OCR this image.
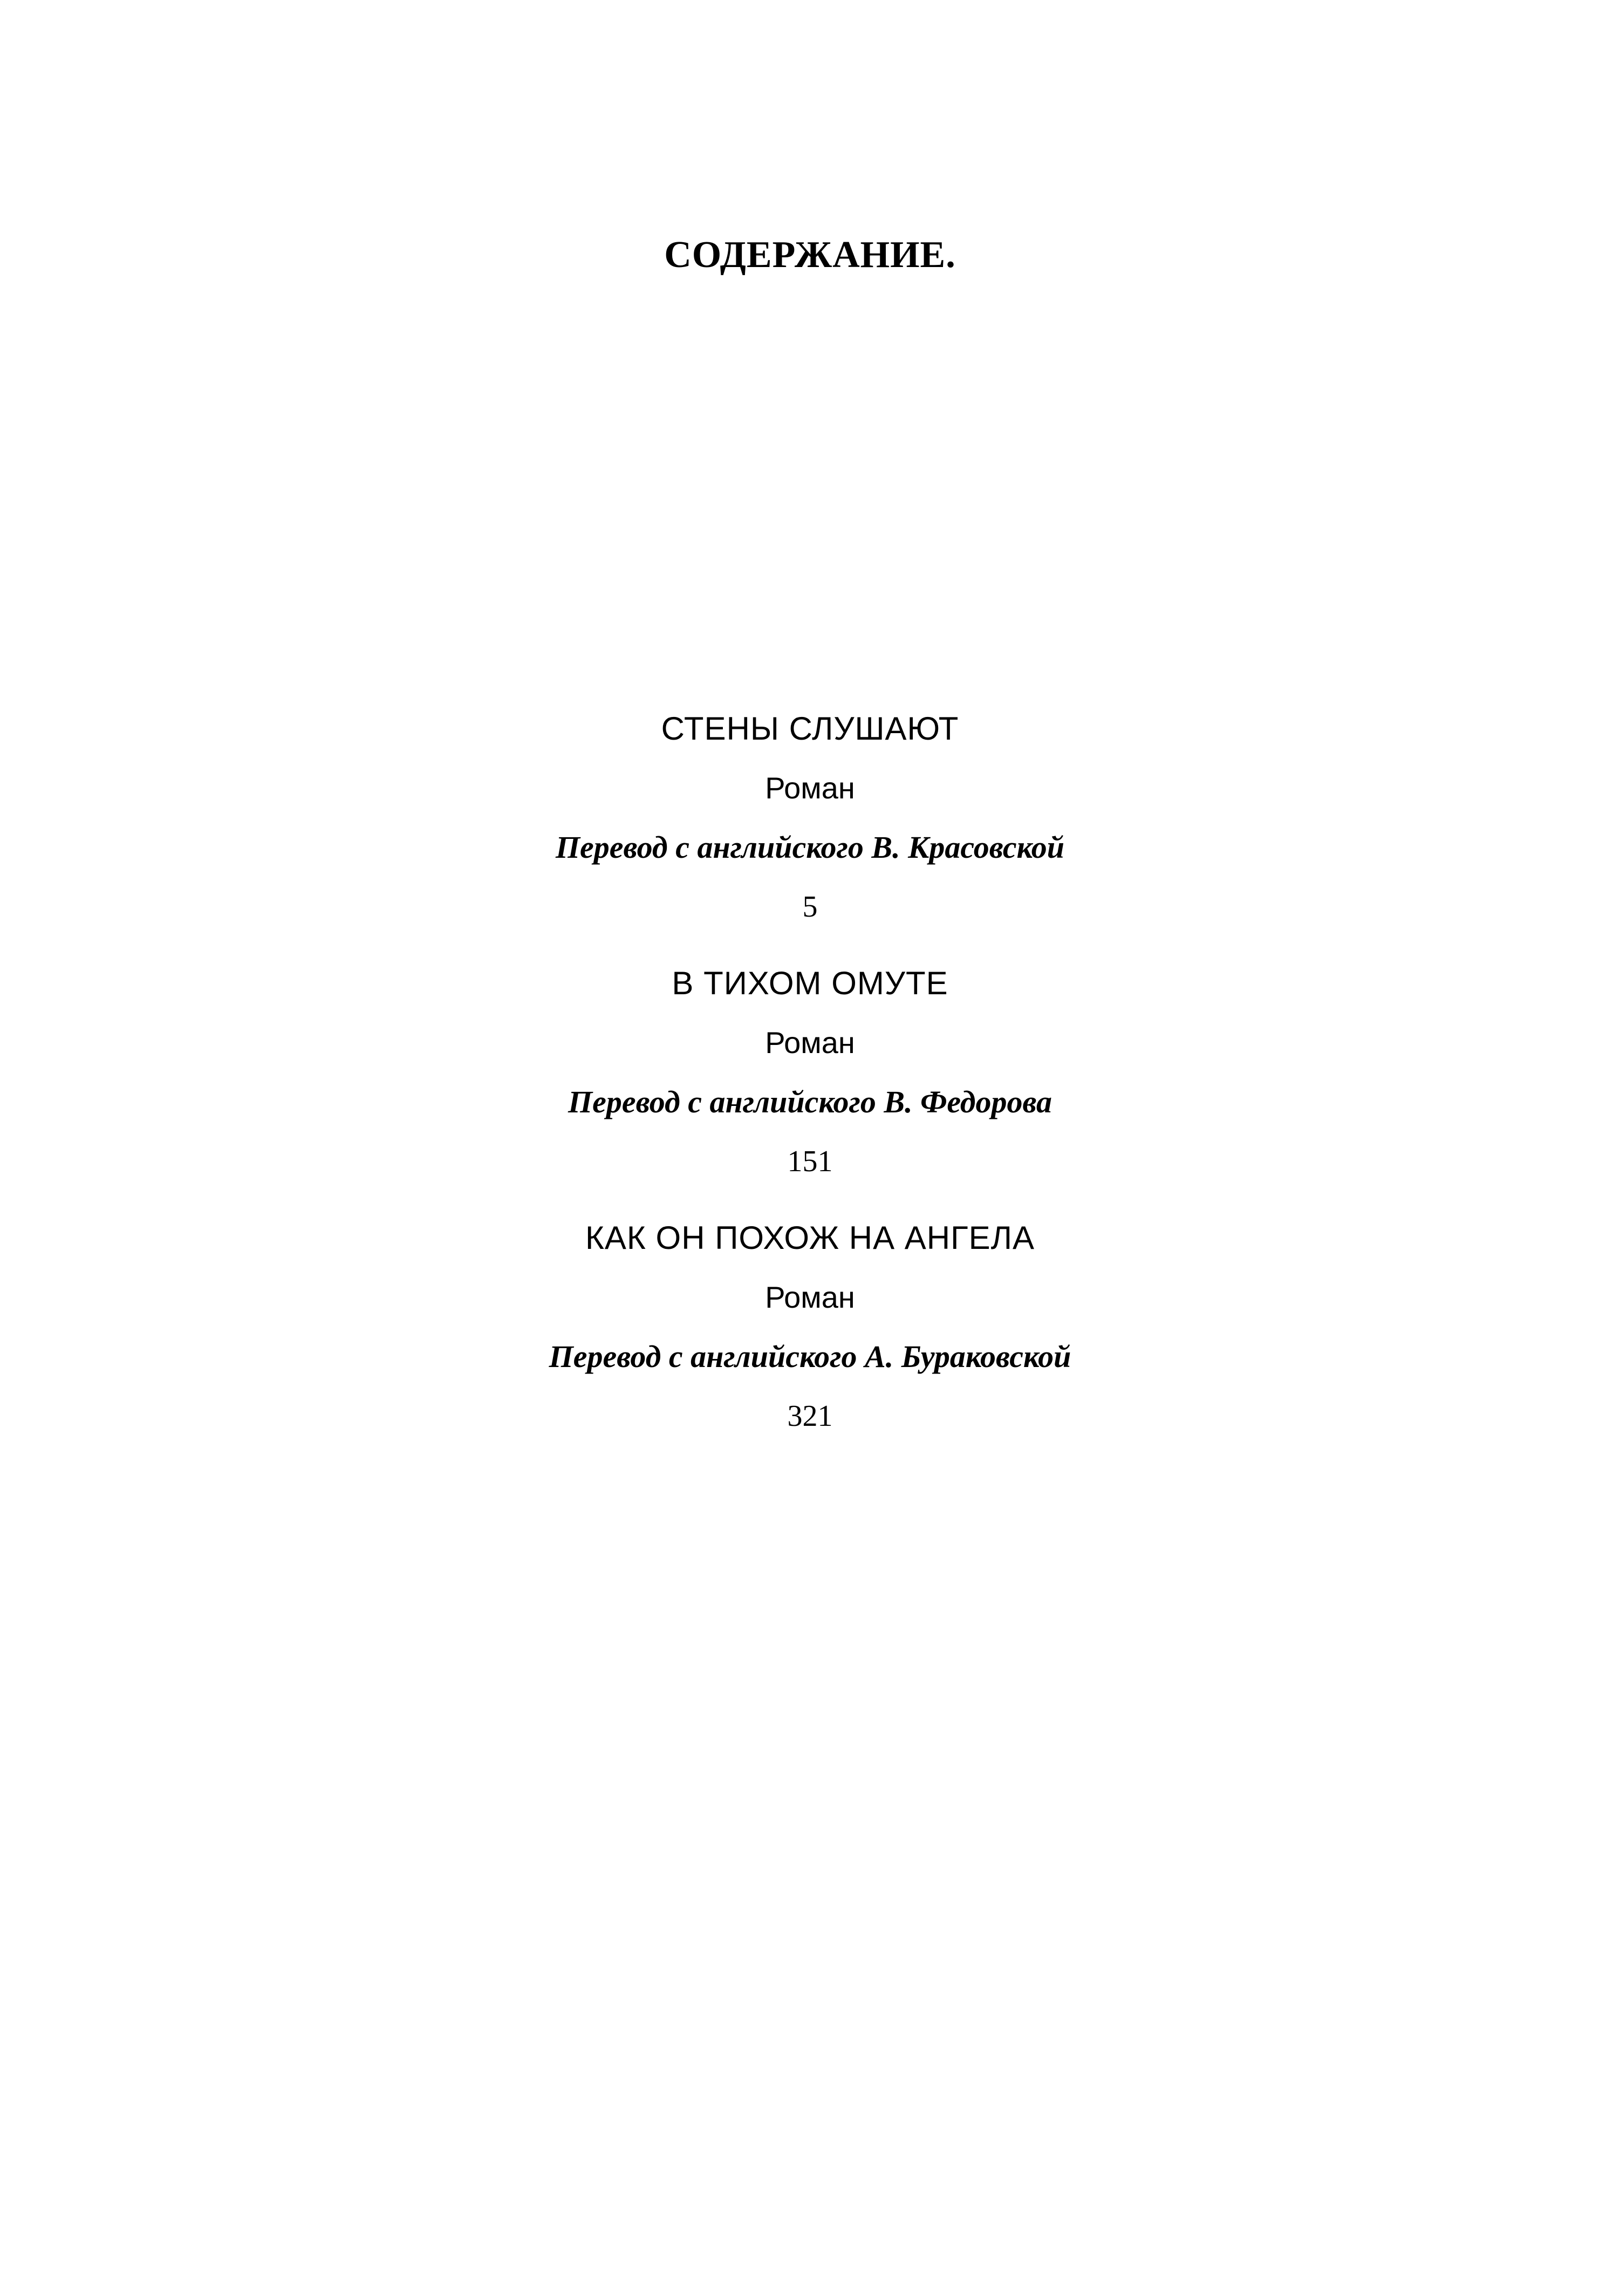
СОДЕРЖАНИЕ.
СТЕНЫ СЛУШАЮТ
Роман
Перевод с английского В. Красовской
5
В ТИХОМ ОМУТЕ
Роман
Перевод с английского В. Федорова
151
КАК ОН ПОХОЖ НА АНГЕЛА
Роман
Перевод с английского А. Бураковской
321
